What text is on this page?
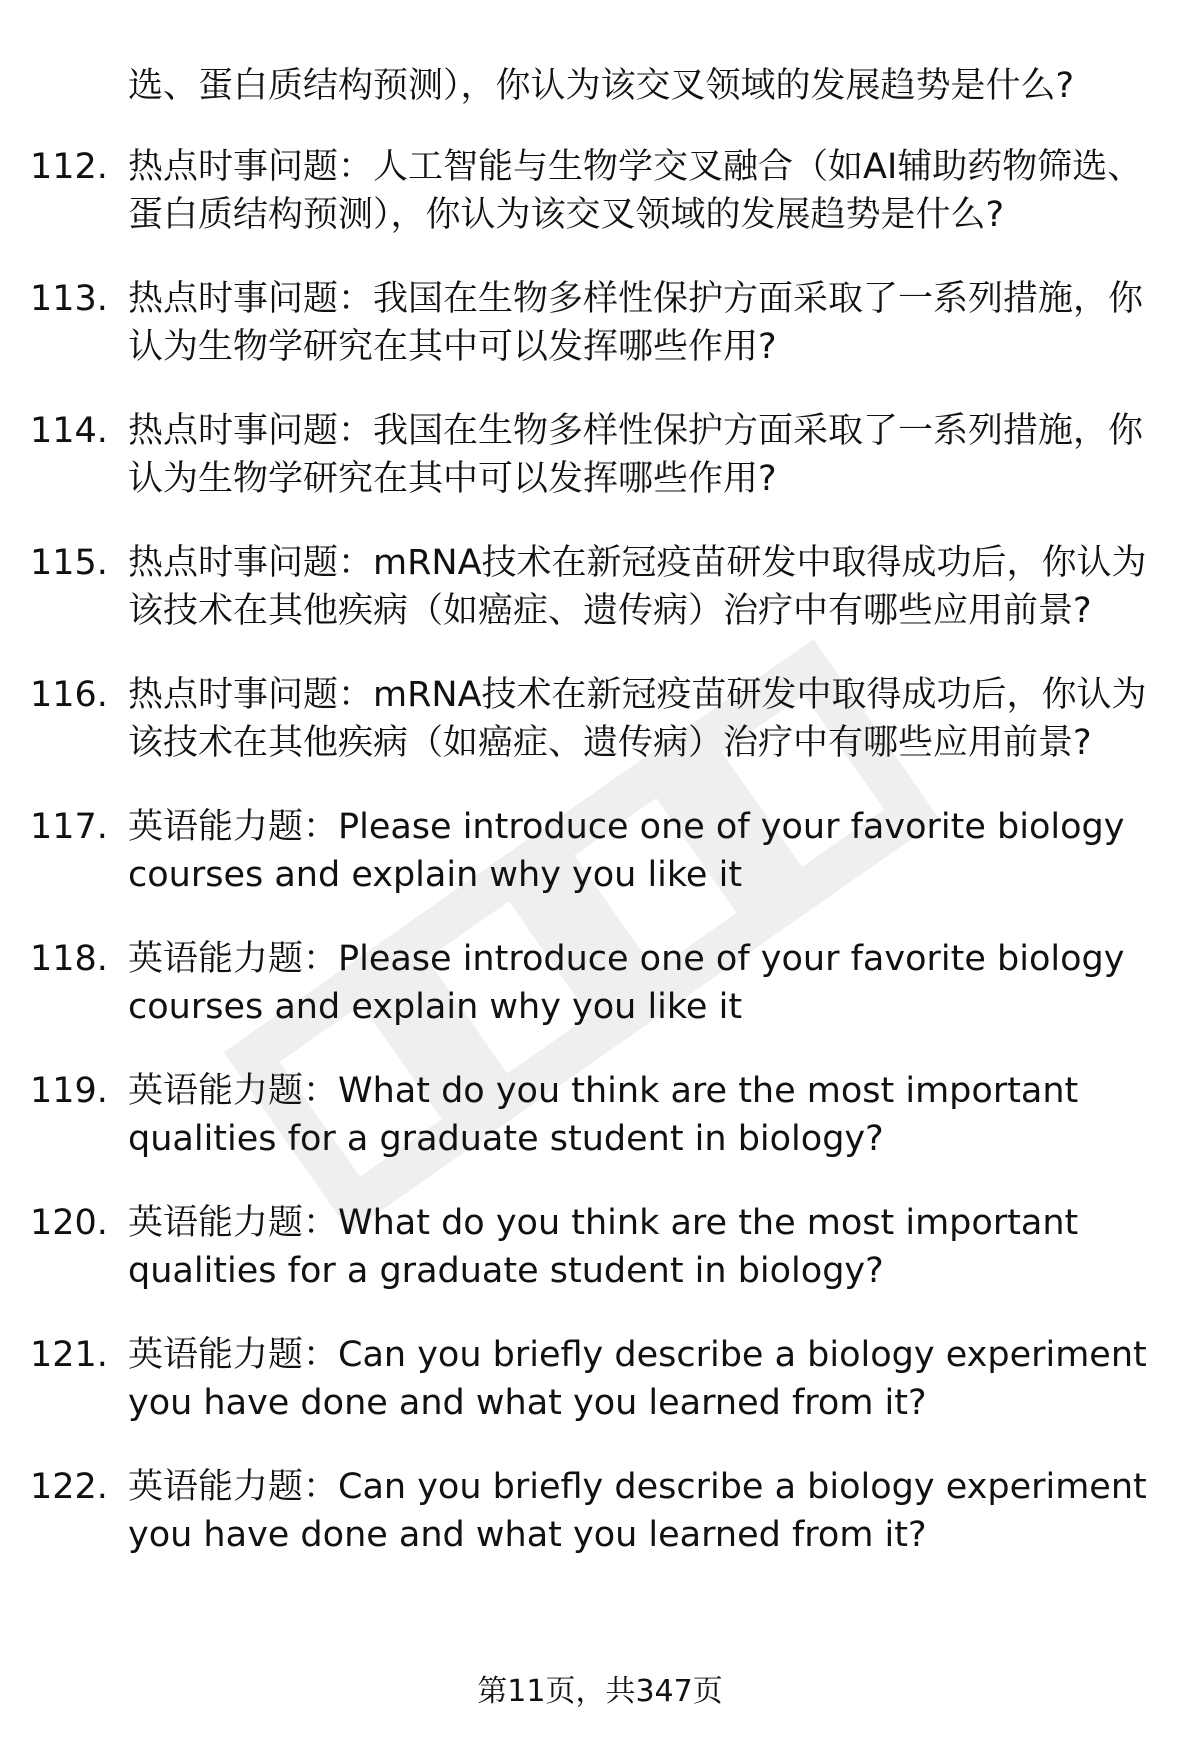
选、蛋白质结构预测），你认为该交叉领域的发展趋势是什么?
112. 热点时事问题：人工智能与生物学交叉融合（如AI辅助药物筛选、蛋白质结构预测），你认为该交叉领域的发展趋势是什么?
113. 热点时事问题：我国在生物多样性保护方面采取了一系列措施，你认为生物学研究在其中可以发挥哪些作用?
114. 热点时事问题：我国在生物多样性保护方面采取了一系列措施，你认为生物学研究在其中可以发挥哪些作用?
115. 热点时事问题：mRNA技术在新冠疫苗研发中取得成功后，你认为该技术在其他疾病（如癌症、遗传病）治疗中有哪些应用前景?
116. 热点时事问题：mRNA技术在新冠疫苗研发中取得成功后，你认为该技术在其他疾病（如癌症、遗传病）治疗中有哪些应用前景?
117. 英语能力题：Please introduce one of your favorite biology courses and explain why you like it
118. 英语能力题：Please introduce one of your favorite biology courses and explain why you like it
119. 英语能力题：What do you think are the most important qualities for a graduate student in biology?
120. 英语能力题：What do you think are the most important qualities for a graduate student in biology?
121. 英语能力题：Can you briefly describe a biology experiment you have done and what you learned from it?
122. 英语能力题：Can you briefly describe a biology experiment you have done and what you learned from it?
第11页，共347页
